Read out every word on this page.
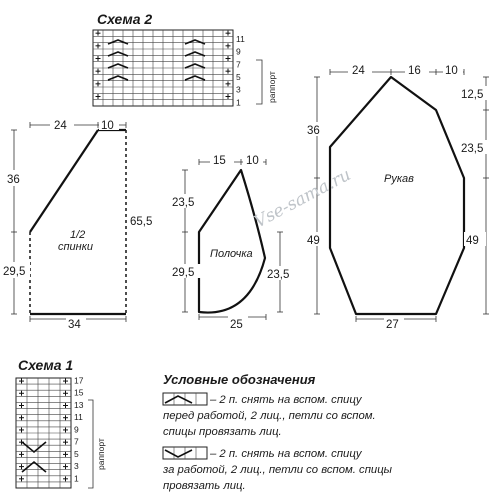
Схема 2
11
9
7
5
3
1	раппорт
Схема 1
17
15
13
11
9
7
5
3
1
раппорт
24	10
36
29,5
65,5
34
1/2
спинки
15 10
23,5
29,5	23,5
25
Полочка
24	16 10
12,5
36
23,5
49	49
27
Рукав
Vse-sama.ru
Условные обозначения
– 2 п. снять на вспом. спицу
перед работой, 2 лиц., петли со вспом.
спицы провязать лиц.
– 2 п. снять на вспом. спицу
за работой, 2 лиц., петли со вспом. спицы
провязать лиц.
